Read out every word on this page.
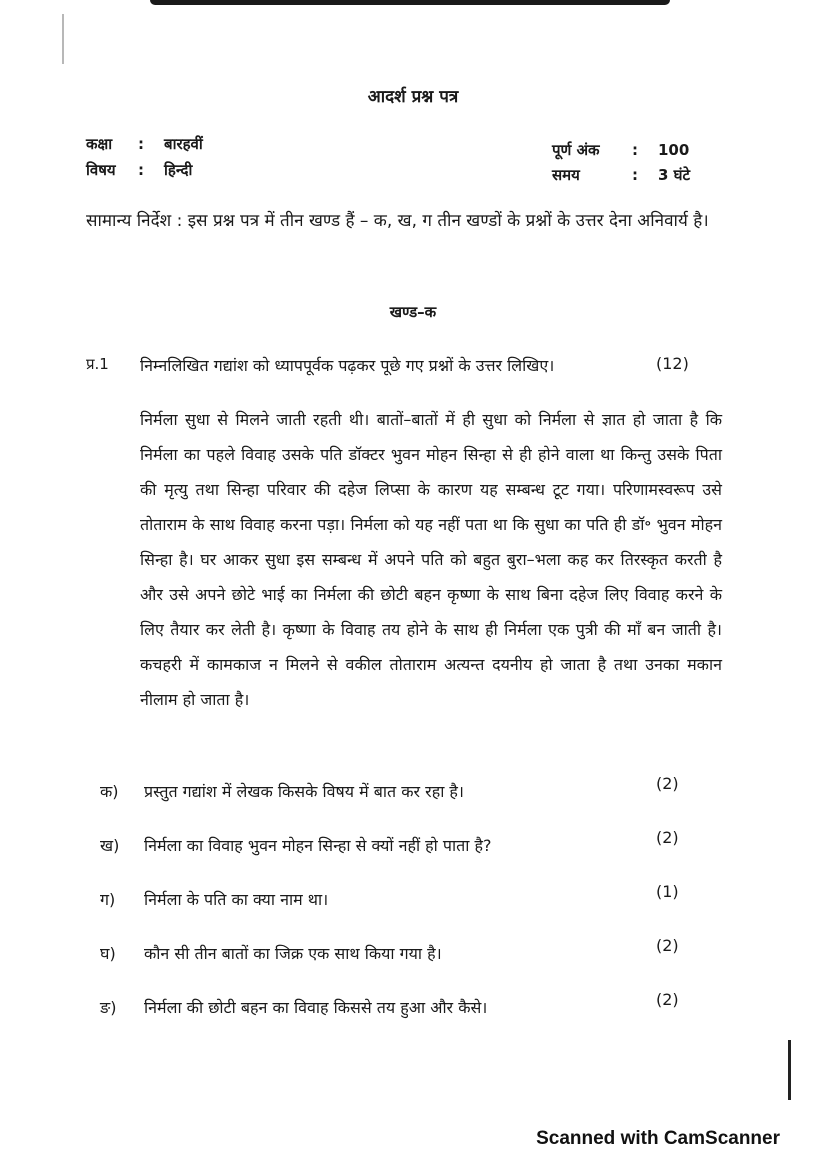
आदर्श प्रश्न पत्र
कक्षा : बारहवीं
विषय : हिन्दी
पूर्ण अंक : 100
समय	: 3 घंटे
सामान्य निर्देश : इस प्रश्न पत्र में तीन खण्ड हैं – क, ख, ग तीन खण्डों के प्रश्नों के उत्तर देना अनिवार्य है।
खण्ड–क
प्र.1 निम्नलिखित गद्यांश को ध्यापपूर्वक पढ़कर पूछे गए प्रश्नों के उत्तर लिखिए।	(12)
निर्मला सुधा से मिलने जाती रहती थी। बातों–बातों में ही सुधा को निर्मला से ज्ञात हो जाता है कि निर्मला का पहले विवाह उसके पति डॉक्टर भुवन मोहन सिन्हा से ही होने वाला था किन्तु उसके पिता की मृत्यु तथा सिन्हा परिवार की दहेज लिप्सा के कारण यह सम्बन्ध टूट गया। परिणामस्वरूप उसे तोताराम के साथ विवाह करना पड़ा। निर्मला को यह नहीं पता था कि सुधा का पति ही डॉ॰ भुवन मोहन सिन्हा है। घर आकर सुधा इस सम्बन्ध में अपने पति को बहुत बुरा–भला कह कर तिरस्कृत करती है और उसे अपने छोटे भाई का निर्मला की छोटी बहन कृष्णा के साथ बिना दहेज लिए विवाह करने के लिए तैयार कर लेती है। कृष्णा के विवाह तय होने के साथ ही निर्मला एक पुत्री की माँ बन जाती है। कचहरी में कामकाज न मिलने से वकील तोताराम अत्यन्त दयनीय हो जाता है तथा उनका मकान नीलाम हो जाता है।
क) प्रस्तुत गद्यांश में लेखक किसके विषय में बात कर रहा है।	(2)
ख) निर्मला का विवाह भुवन मोहन सिन्हा से क्यों नहीं हो पाता है?	(2)
ग) निर्मला के पति का क्या नाम था।	(1)
घ) कौन सी तीन बातों का जिक्र एक साथ किया गया है।	(2)
ङ) निर्मला की छोटी बहन का विवाह किससे तय हुआ और कैसे।	(2)
Scanned with CamScanner
